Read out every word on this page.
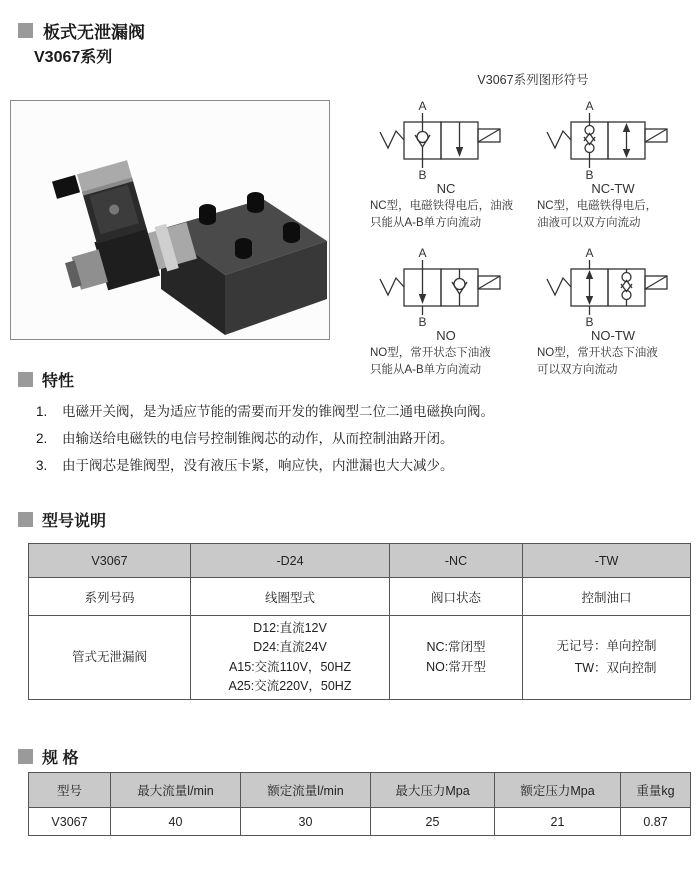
板式无泄漏阀
V3067系列
V3067系列图形符号
A
B
NC

NC型，电磁铁得电后，油液
只能从A-B单方向流动

A
B
NC-TW

NC型，电磁铁得电后，
油液可以双方向流动

A
B
NO

NO型，常开状态下油液
只能从A-B单方向流动

A
B
NO-TW

NO型，常开状态下油液
可以双方向流动

特性
1.	电磁开关阀，是为适应节能的需要而开发的锥阀型二位二通电磁换向阀。
2.	由输送给电磁铁的电信号控制锥阀芯的动作，从而控制油路开闭。
3.	由于阀芯是锥阀型，没有液压卡紧，响应快，内泄漏也大大减少。
型号说明
V3067	-D24	-NC	-TW
系列号码	线圈型式	阀口状态	控制油口

管式无泄漏阀

D12:直流12V
D24:直流24V
A15:交流110V，50HZ
A25:交流220V，50HZ

NC:常闭型
NO:常开型

无记号：单向控制
TW：双向控制
规 格
型号	最大流量l/min	额定流量l/min	最大压力Mpa	额定压力Mpa	重量kg
V3067	40	30	25	21	0.87
